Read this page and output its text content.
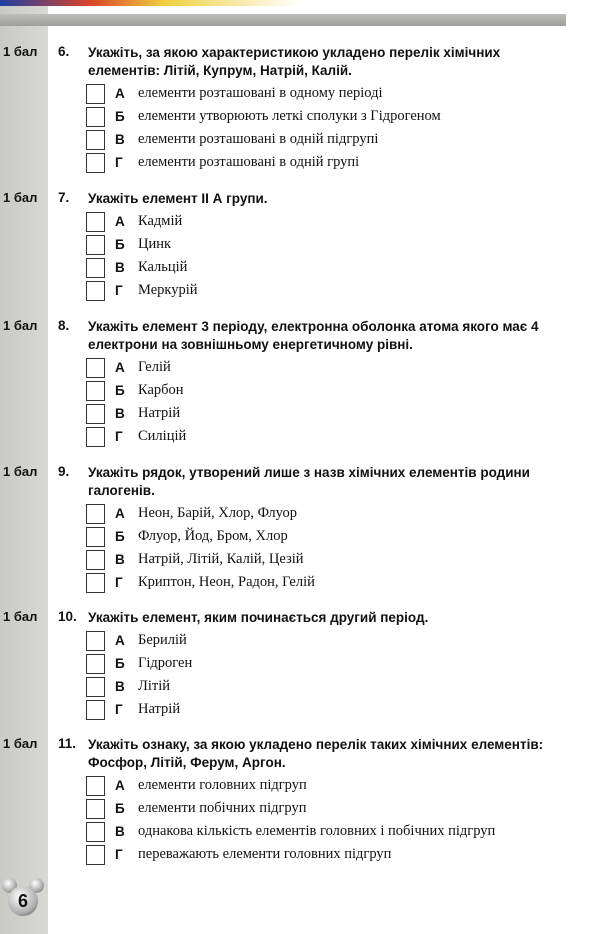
1 бал 6. Укажіть, за якою характеристикою укладено перелік хімічних елементів: Літій, Купрум, Натрій, Калій.
А елементи розташовані в одному періоді
Б елементи утворюють леткі сполуки з Гідрогеном
В елементи розташовані в одній підгрупі
Г елементи розташовані в одній групі
1 бал 7. Укажіть елемент II А групи.
А Кадмій
Б Цинк
В Кальцій
Г Меркурій
1 бал 8. Укажіть елемент 3 періоду, електронна оболонка атома якого має 4 електрони на зовнішньому енергетичному рівні.
А Гелій
Б Карбон
В Натрій
Г Силіцій
1 бал 9. Укажіть рядок, утворений лише з назв хімічних елементів родини галогенів.
А Неон, Барій, Хлор, Флуор
Б Флуор, Йод, Бром, Хлор
В Натрій, Літій, Калій, Цезій
Г Криптон, Неон, Радон, Гелій
1 бал 10. Укажіть елемент, яким починається другий період.
А Берилій
Б Гідроген
В Літій
Г Натрій
1 бал 11. Укажіть ознаку, за якою укладено перелік таких хімічних елементів: Фосфор, Літій, Ферум, Аргон.
А елементи головних підгруп
Б елементи побічних підгруп
В однакова кількість елементів головних і побічних підгруп
Г переважають елементи головних підгруп
6
